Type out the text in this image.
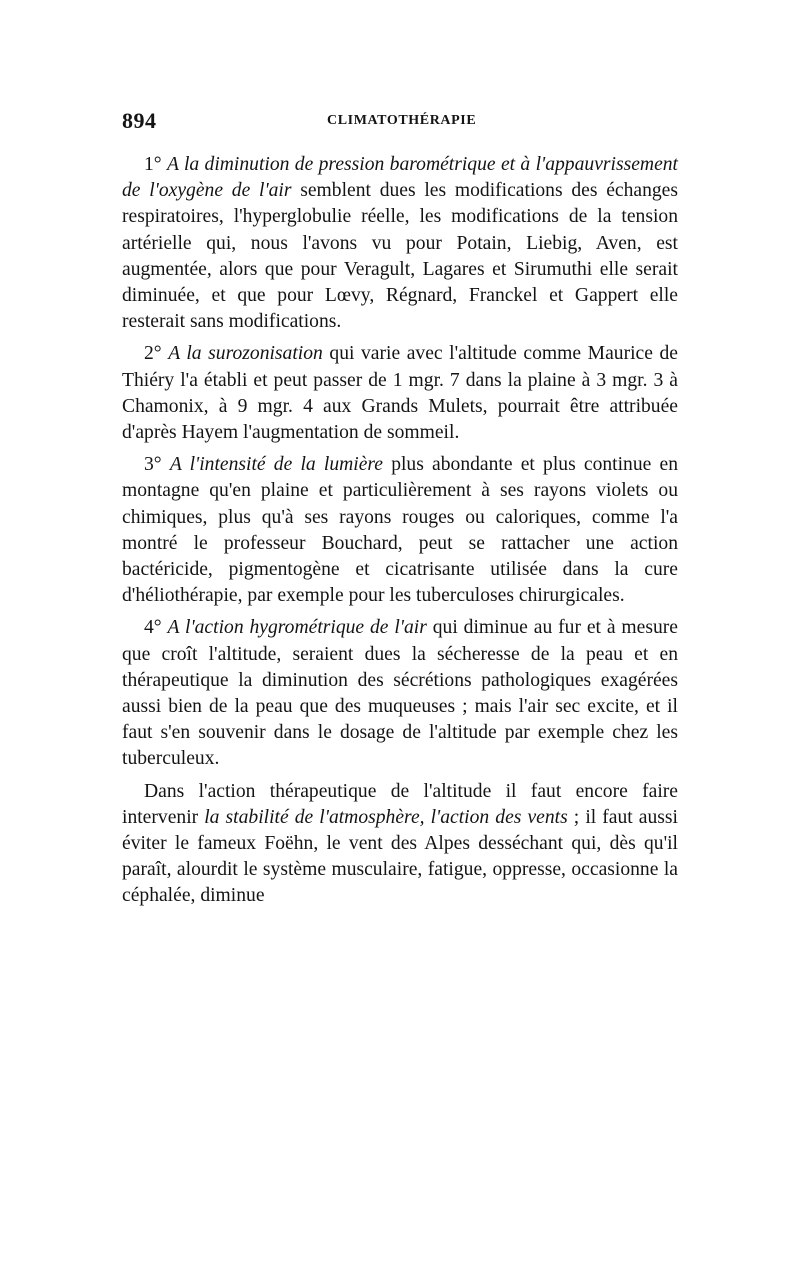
894	CLIMATOTHÉRAPIE

1° A la diminution de pression barométrique et à l'appauvrissement de l'oxygène de l'air semblent dues les modifications des échanges respiratoires, l'hyperglobulie réelle, les modifications de la tension artérielle qui, nous l'avons vu pour Potain, Liebig, Aven, est augmentée, alors que pour Veragult, Lagares et Sirumuthi elle serait diminuée, et que pour Lœvy, Régnard, Franckel et Gappert elle resterait sans modifications.

2° A la surozonisation qui varie avec l'altitude comme Maurice de Thiéry l'a établi et peut passer de 1 mgr. 7 dans la plaine à 3 mgr. 3 à Chamonix, à 9 mgr. 4 aux Grands Mulets, pourrait être attribuée d'après Hayem l'augmentation de sommeil.

3° A l'intensité de la lumière plus abondante et plus continue en montagne qu'en plaine et particulièrement à ses rayons violets ou chimiques, plus qu'à ses rayons rouges ou caloriques, comme l'a montré le professeur Bouchard, peut se rattacher une action bactéricide, pigmentogène et cicatrisante utilisée dans la cure d'héliothérapie, par exemple pour les tuberculoses chirurgicales.

4° A l'action hygrométrique de l'air qui diminue au fur et à mesure que croît l'altitude, seraient dues la sécheresse de la peau et en thérapeutique la diminution des sécrétions pathologiques exagérées aussi bien de la peau que des muqueuses ; mais l'air sec excite, et il faut s'en souvenir dans le dosage de l'altitude par exemple chez les tuberculeux.

Dans l'action thérapeutique de l'altitude il faut encore faire intervenir la stabilité de l'atmosphère, l'action des vents ; il faut aussi éviter le fameux Foëhn, le vent des Alpes desséchant qui, dès qu'il paraît, alourdit le système musculaire, fatigue, oppresse, occasionne la céphalée, diminue
